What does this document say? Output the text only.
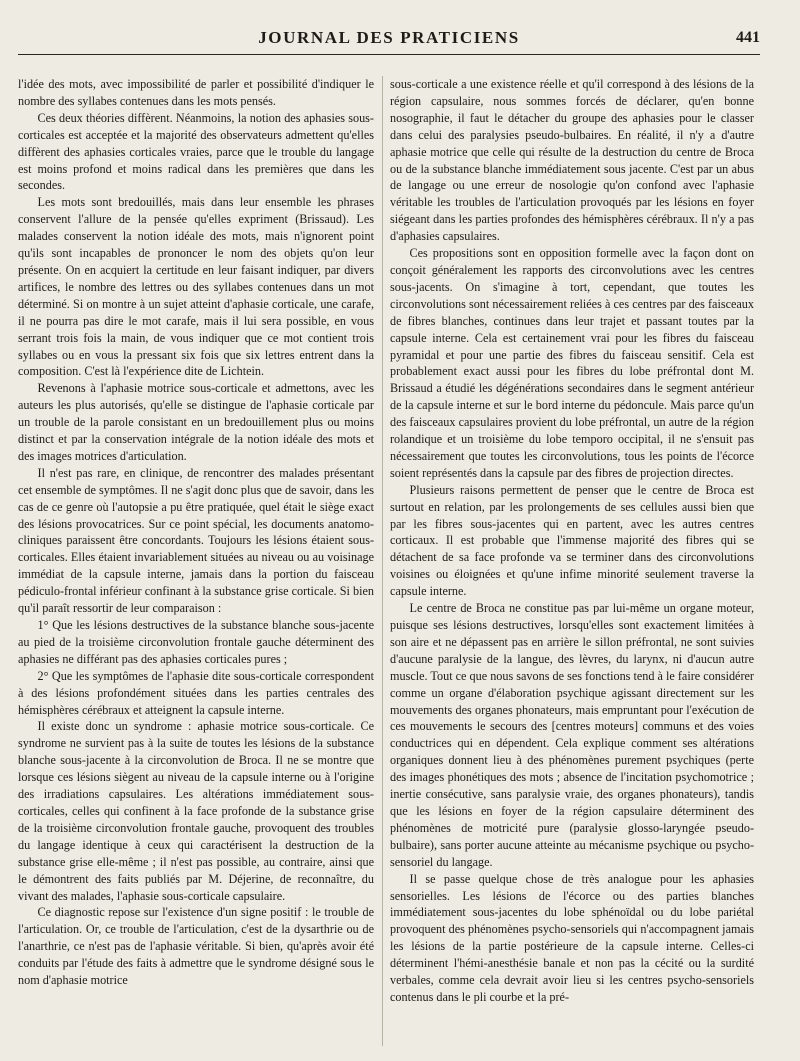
JOURNAL DES PRATICIENS	441

l'idée des mots, avec impossibilité de parler et possibilité d'indiquer le nombre des syllabes contenues dans les mots pensés.

Ces deux théories diffèrent. Néanmoins, la notion des aphasies sous-corticales est acceptée et la majorité des observateurs admettent qu'elles diffèrent des aphasies corticales vraies, parce que le trouble du langage est moins profond et moins radical dans les premières que dans les secondes.

Les mots sont bredouillés, mais dans leur ensemble les phrases conservent l'allure de la pensée qu'elles expriment (Brissaud). Les malades conservent la notion idéale des mots, mais n'ignorent point qu'ils sont incapables de prononcer le nom des objets qu'on leur présente. On en acquiert la certitude en leur faisant indiquer, par divers artifices, le nombre des lettres ou des syllabes contenues dans un mot déterminé. Si on montre à un sujet atteint d'aphasie corticale, une carafe, il ne pourra pas dire le mot carafe, mais il lui sera possible, en vous serrant trois fois la main, de vous indiquer que ce mot contient trois syllabes ou en vous la pressant six fois que six lettres entrent dans la composition. C'est là l'expérience dite de Lichtein.

Revenons à l'aphasie motrice sous-corticale et admettons, avec les auteurs les plus autorisés, qu'elle se distingue de l'aphasie corticale par un trouble de la parole consistant en un bredouillement plus ou moins distinct et par la conservation intégrale de la notion idéale des mots et des images motrices d'articulation.

Il n'est pas rare, en clinique, de rencontrer des malades présentant cet ensemble de symptômes. Il ne s'agit donc plus que de savoir, dans les cas de ce genre où l'autopsie a pu être pratiquée, quel était le siège exact des lésions provocatrices. Sur ce point spécial, les documents anatomo-cliniques paraissent être concordants. Toujours les lésions étaient sous-corticales. Elles étaient invariablement situées au niveau ou au voisinage immédiat de la capsule interne, jamais dans la portion du faisceau pédiculo-frontal inférieur confinant à la substance grise corticale. Si bien qu'il paraît ressortir de leur comparaison :

1° Que les lésions destructives de la substance blanche sous-jacente au pied de la troisième circonvolution frontale gauche déterminent des aphasies ne différant pas des aphasies corticales pures ;

2° Que les symptômes de l'aphasie dite sous-corticale correspondent à des lésions profondément situées dans les parties centrales des hémisphères cérébraux et atteignent la capsule interne.

Il existe donc un syndrome : aphasie motrice sous-corticale. Ce syndrome ne survient pas à la suite de toutes les lésions de la substance blanche sous-jacente à la circonvolution de Broca. Il ne se montre que lorsque ces lésions siègent au niveau de la capsule interne ou à l'origine des irradiations capsulaires. Les altérations immédiatement sous-corticales, celles qui confinent à la face profonde de la substance grise de la troisième circonvolution frontale gauche, provoquent des troubles du langage identique à ceux qui caractérisent la destruction de la substance grise elle-même ; il n'est pas possible, au contraire, ainsi que le démontrent des faits publiés par M. Déjerine, de reconnaître, du vivant des malades, l'aphasie sous-corticale capsulaire.

Ce diagnostic repose sur l'existence d'un signe positif : le trouble de l'articulation. Or, ce trouble de l'articulation, c'est de la dysarthrie ou de l'anarthrie, ce n'est pas de l'aphasie véritable. Si bien, qu'après avoir été conduits par l'étude des faits à admettre que le syndrome désigné sous le nom d'aphasie motrice

sous-corticale a une existence réelle et qu'il correspond à des lésions de la région capsulaire, nous sommes forcés de déclarer, qu'en bonne nosographie, il faut le détacher du groupe des aphasies pour le classer dans celui des paralysies pseudo-bulbaires. En réalité, il n'y a d'autre aphasie motrice que celle qui résulte de la destruction du centre de Broca ou de la substance blanche immédiatement sous jacente. C'est par un abus de langage ou une erreur de nosologie qu'on confond avec l'aphasie véritable les troubles de l'articulation provoqués par les lésions en foyer siégeant dans les parties profondes des hémisphères cérébraux. Il n'y a pas d'aphasies capsulaires.

Ces propositions sont en opposition formelle avec la façon dont on conçoit généralement les rapports des circonvolutions avec les centres sous-jacents. On s'imagine à tort, cependant, que toutes les circonvolutions sont nécessairement reliées à ces centres par des faisceaux de fibres blanches, continues dans leur trajet et passant toutes par la capsule interne. Cela est certainement vrai pour les fibres du faisceau pyramidal et pour une partie des fibres du faisceau sensitif. Cela est probablement exact aussi pour les fibres du lobe préfrontal dont M. Brissaud a étudié les dégénérations secondaires dans le segment antérieur de la capsule interne et sur le bord interne du pédoncule. Mais parce qu'un des faisceaux capsulaires provient du lobe préfrontal, un autre de la région rolandique et un troisième du lobe temporo occipital, il ne s'ensuit pas nécessairement que toutes les circonvolutions, tous les points de l'écorce soient représentés dans la capsule par des fibres de projection directes.

Plusieurs raisons permettent de penser que le centre de Broca est surtout en relation, par les prolongements de ses cellules aussi bien que par les fibres sous-jacentes qui en partent, avec les autres centres corticaux. Il est probable que l'immense majorité des fibres qui se détachent de sa face profonde va se terminer dans des circonvolutions voisines ou éloignées et qu'une infime minorité seulement traverse la capsule interne.

Le centre de Broca ne constitue pas par lui-même un organe moteur, puisque ses lésions destructives, lorsqu'elles sont exactement limitées à son aire et ne dépassent pas en arrière le sillon préfrontal, ne sont suivies d'aucune paralysie de la langue, des lèvres, du larynx, ni d'aucun autre muscle. Tout ce que nous savons de ses fonctions tend à le faire considérer comme un organe d'élaboration psychique agissant directement sur les mouvements des organes phonateurs, mais empruntant pour l'exécution de ces mouvements le secours des [centres moteurs] communs et des voies conductrices qui en dépendent. Cela explique comment ses altérations organiques donnent lieu à des phénomènes purement psychiques (perte des images phonétiques des mots ; absence de l'incitation psychomotrice ; inertie consécutive, sans paralysie vraie, des organes phonateurs), tandis que les lésions en foyer de la région capsulaire déterminent des phénomènes de motricité pure (paralysie glosso-laryngée pseudo-bulbaire), sans porter aucune atteinte au mécanisme psychique ou psycho-sensoriel du langage.

Il se passe quelque chose de très analogue pour les aphasies sensorielles. Les lésions de l'écorce ou des parties blanches immédiatement sous-jacentes du lobe sphénoïdal ou du lobe pariétal provoquent des phénomènes psycho-sensoriels qui n'accompagnent jamais les lésions de la partie postérieure de la capsule interne. Celles-ci déterminent l'hémi-anesthésie banale et non pas la cécité ou la surdité verbales, comme cela devrait avoir lieu si les centres psycho-sensoriels contenus dans le pli courbe et la pré-
